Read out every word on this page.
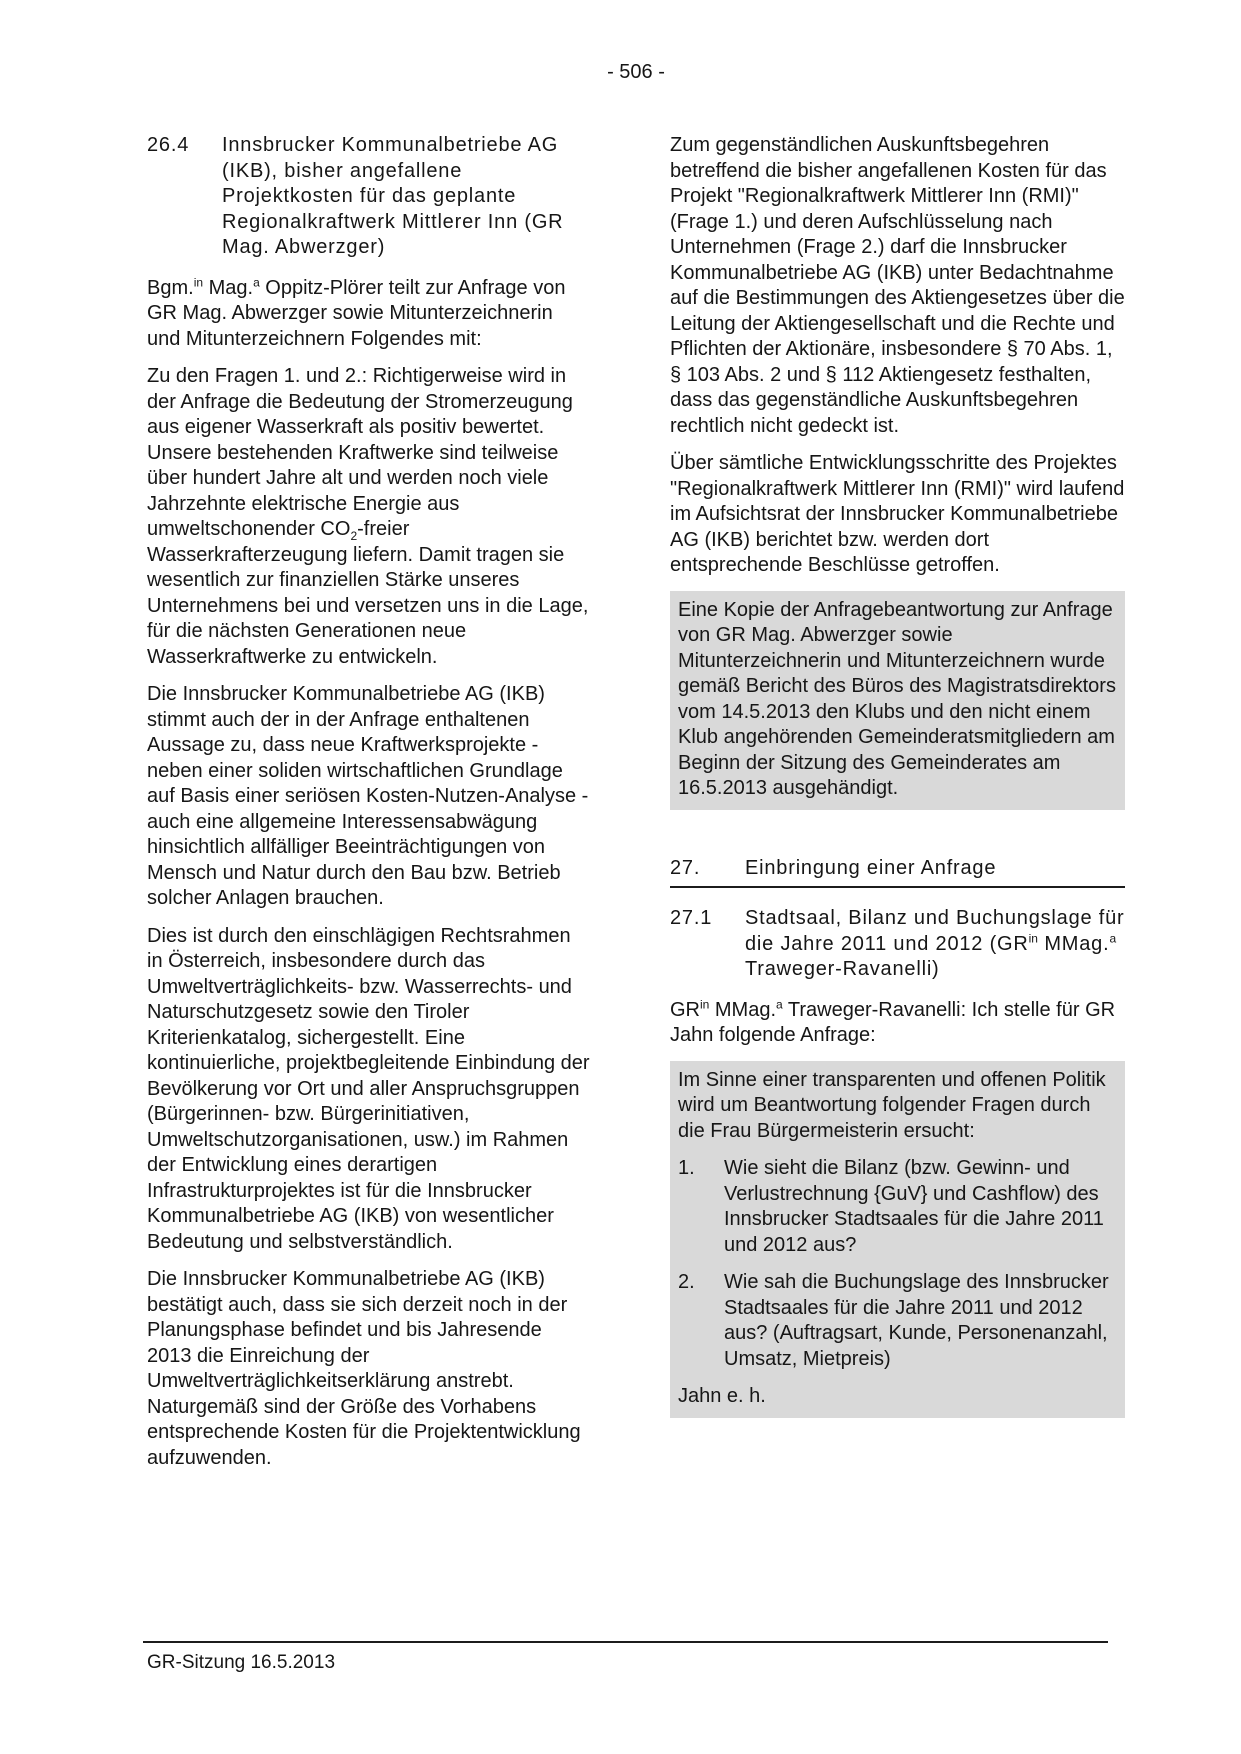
- 506 -
26.4	Innsbrucker Kommunalbetriebe AG (IKB), bisher angefallene Projektkosten für das geplante Regionalkraftwerk Mittlerer Inn (GR Mag. Abwerzger)

Bgm.$^{in}$ Mag.$^a$ Oppitz-Plörer teilt zur Anfrage von GR Mag. Abwerzger sowie Mitunterzeichnerin und Mitunterzeichnern Folgendes mit:

Zu den Fragen 1. und 2.: Richtigerweise wird in der Anfrage die Bedeutung der Stromerzeugung aus eigener Wasserkraft als positiv bewertet. Unsere bestehenden Kraftwerke sind teilweise über hundert Jahre alt und werden noch viele Jahrzehnte elektrische Energie aus umweltschonender $CO_2$-freier Wasserkrafterzeugung liefern. Damit tragen sie wesentlich zur finanziellen Stärke unseres Unternehmens bei und versetzen uns in die Lage, für die nächsten Generationen neue Wasserkraftwerke zu entwickeln.

Die Innsbrucker Kommunalbetriebe AG (IKB) stimmt auch der in der Anfrage enthaltenen Aussage zu, dass neue Kraftwerksprojekte - neben einer soliden wirtschaftlichen Grundlage auf Basis einer seriösen Kosten-Nutzen-Analyse - auch eine allgemeine Interessensabwägung hinsichtlich allfälliger Beeinträchtigungen von Mensch und Natur durch den Bau bzw. Betrieb solcher Anlagen brauchen.

Dies ist durch den einschlägigen Rechtsrahmen in Österreich, insbesondere durch das Umweltverträglichkeits- bzw. Wasserrechts- und Naturschutzgesetz sowie den Tiroler Kriterienkatalog, sichergestellt. Eine kontinuierliche, projektbegleitende Einbindung der Bevölkerung vor Ort und aller Anspruchsgruppen (Bürgerinnen- bzw. Bürgerinitiativen, Umweltschutzorganisationen, usw.) im Rahmen der Entwicklung eines derartigen Infrastrukturprojektes ist für die Innsbrucker Kommunalbetriebe AG (IKB) von wesentlicher Bedeutung und selbstverständlich.

Die Innsbrucker Kommunalbetriebe AG (IKB) bestätigt auch, dass sie sich derzeit noch in der Planungsphase befindet und bis Jahresende 2013 die Einreichung der Umweltverträglichkeitserklärung anstrebt. Naturgemäß sind der Größe des Vorhabens entsprechende Kosten für die Projektentwicklung aufzuwenden.

Zum gegenständlichen Auskunftsbegehren betreffend die bisher angefallenen Kosten für das Projekt "Regionalkraftwerk Mittlerer Inn (RMI)" (Frage 1.) und deren Aufschlüsselung nach Unternehmen (Frage 2.) darf die Innsbrucker Kommunalbetriebe AG (IKB) unter Bedachtnahme auf die Bestimmungen des Aktiengesetzes über die Leitung der Aktiengesellschaft und die Rechte und Pflichten der Aktionäre, insbesondere § 70 Abs. 1, § 103 Abs. 2 und § 112 Aktiengesetz festhalten, dass das gegenständliche Auskunftsbegehren rechtlich nicht gedeckt ist.

Über sämtliche Entwicklungsschritte des Projektes "Regionalkraftwerk Mittlerer Inn (RMI)" wird laufend im Aufsichtsrat der Innsbrucker Kommunalbetriebe AG (IKB) berichtet bzw. werden dort entsprechende Beschlüsse getroffen.

Eine Kopie der Anfragebeantwortung zur Anfrage von GR Mag. Abwerzger sowie Mitunterzeichnerin und Mitunterzeichnern wurde gemäß Bericht des Büros des Magistratsdirektors vom 14.5.2013 den Klubs und den nicht einem Klub angehörenden Gemeinderatsmitgliedern am Beginn der Sitzung des Gemeinderates am 16.5.2013 ausgehändigt.

27.	Einbringung einer Anfrage
27.1	Stadtsaal, Bilanz und Buchungslage für die Jahre 2011 und 2012 ($GR^{in}$ MMag.$^a$ Traweger-Ravanelli)

$GR^{in}$ MMag.$^a$ Traweger-Ravanelli: Ich stelle für GR Jahn folgende Anfrage:

Im Sinne einer transparenten und offenen Politik wird um Beantwortung folgender Fragen durch die Frau Bürgermeisterin ersucht:

1.	Wie sieht die Bilanz (bzw. Gewinn- und Verlustrechnung {GuV} und Cashflow) des Innsbrucker Stadtsaales für die Jahre 2011 und 2012 aus?
2.	Wie sah die Buchungslage des Innsbrucker Stadtsaales für die Jahre 2011 und 2012 aus? (Auftragsart, Kunde, Personenanzahl, Umsatz, Mietpreis)

Jahn e. h.

GR-Sitzung 16.5.2013
